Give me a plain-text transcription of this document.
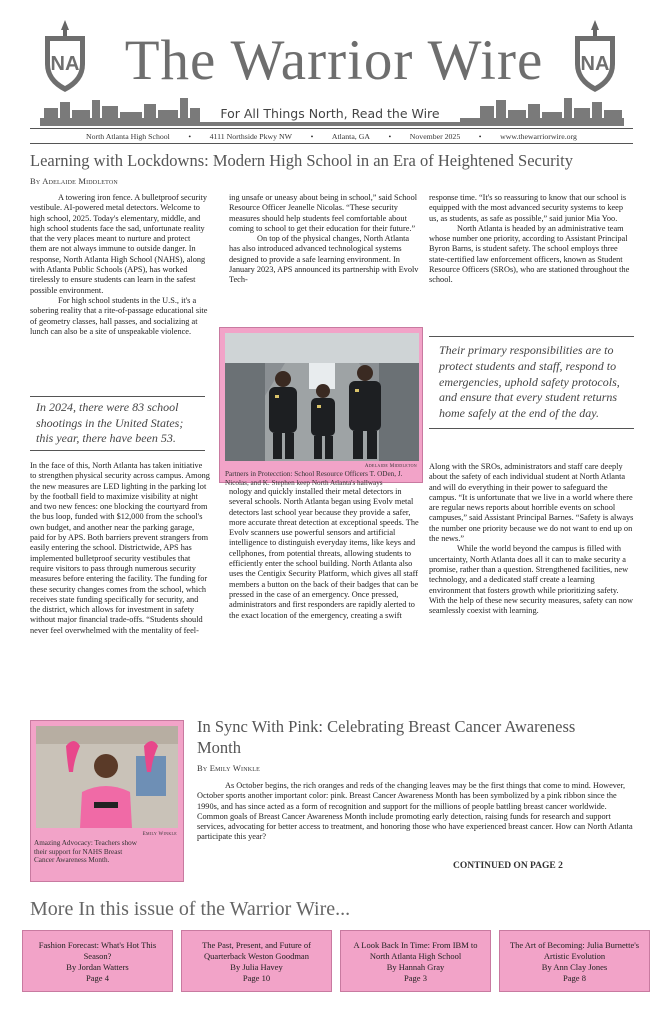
NA	NA
The Warrior Wire
For All Things North, Read the Wire
North Atlanta High School • 4111 Northside Pkwy NW • Atlanta, GA • November 2025 • www.thewarriorwire.org
Learning with Lockdowns: Modern High School in an Era of Heightened Security
By Adelaide Middleton

A towering iron fence. A bulletproof security vestibule. AI-powered metal detectors. Welcome to high school, 2025. Today's elementary, middle, and high school students face the sad, unfortunate reality that the very places meant to nurture and protect them are not always immune to outside danger. In response, North Atlanta High School (NAHS), along with Atlanta Public Schools (APS), has worked tirelessly to ensure students can learn in the safest possible environment.

For high school students in the U.S., it's a sobering reality that a rite-of-passage educational site of geometry classes, hall passes, and socializing at lunch can also be a site of unspeakable violence.

In 2024, there were 83 school shootings in the United States; this year, there have been 53.

In the face of this, North Atlanta has taken initiative to strengthen physical security across campus. Among the new measures are LED lighting in the parking lot by the football field to maximize visibility at night and two new fences: one blocking the courtyard from the bus loop, funded with $12,000 from the school's own budget, and another near the parking garage, paid for by APS. Both barriers prevent strangers from easily entering the school. Districtwide, APS has implemented bulletproof security vestibules that require visitors to pass through numerous security measures before entering the facility. The funding for these security changes comes from the school, which receives state funding specifically for security, and the district, which allows for investment in safety without major financial trade-offs. “Students should never feel overwhelmed with the mentality of feel-

ing unsafe or uneasy about being in school,” said School Resource Officer Jeanelle Nicolas. “These security measures should help students feel comfortable about coming to school to get their education for their future.”

On top of the physical changes, North Atlanta has also introduced advanced technological systems designed to provide a safe learning environment. In January 2023, APS announced its partnership with Evolv Tech-

Adelaide Middleton
Partners in Protecction: School Resource Officers T. ODen, J. Nicolas, and K. Stephen keep North Atlanta's hallways

nology and quickly installed their metal detectors in several schools. North Atlanta began using Evolv metal detectors last school year because they provide a safer, more accurate threat detection at exceptional speeds. The Evolv scanners use powerful sensors and artificial intelligence to distinguish everyday items, like keys and cellphones, from potential threats, allowing students to efficiently enter the school building. North Atlanta also uses the Centigix Security Platform, which gives all staff members a button on the back of their badges that can be pressed in the case of an emergency. Once pressed, administrators and first responders are rapidly alerted to the exact location of the emergency, creating a swift

response time. “It's so reassuring to know that our school is equipped with the most advanced security systems to keep us, as students, as safe as possible,” said junior Mia Yoo.

North Atlanta is headed by an administrative team whose number one priority, according to Assistant Principal Byron Barns, is student safety. The school employs three state-certified law enforcement officers, known as Student Resource Officers (SROs), who are stationed throughout the school.

Their primary responsibilities are to protect students and staff, respond to emergencies, uphold safety protocols, and ensure that every student returns home safely at the end of the day.

Along with the SROs, administrators and staff care deeply about the safety of each individual student at North Atlanta and will do everything in their power to safeguard the campus. “It is unfortunate that we live in a world where there are regular news reports about horrible events on school campuses,” said Assistant Principal Barnes. “Safety is always the number one priority because we do not want to end up on the news.”

While the world beyond the campus is filled with uncertainty, North Atlanta does all it can to make security a promise, rather than a question. Strengthened facilities, new technology, and a dedicated staff create a learning environment that fosters growth while prioritizing safety. With the help of these new security measures, safety can now seamlessly coexist with learning.

Emily Winkle
Amazing Advocacy: Teachers show their support for NAHS Breast Cancer Awareness Month.
In Sync With Pink: Celebrating Breast Cancer Awareness Month
By Emily Winkle

As October begins, the rich oranges and reds of the changing leaves may be the first things that come to mind. However, October sports another important color: pink. Breast Cancer Awareness Month has been symbolized by a pink ribbon since the 1990s, and has since acted as a form of recognition and support for the millions of people battling breast cancer worldwide. Common goals of Breast Cancer Awareness Month include promoting early detection, raising funds for research and support services, advocating for better access to treatment, and honoring those who have experienced breast cancer. How can North Atlanta participate this year?

CONTINUED ON PAGE 2
More In this issue of the Warrior Wire...
Fashion Forecast: What's Hot This Season?
By Jordan Watters
Page 4
The Past, Present, and Future of Quarterback Weston Goodman
By Julia Havey
Page 10
A Look Back In Time: From IBM to North Atlanta High School
By Hannah Gray
Page 3
The Art of Becoming: Julia Burnette's Artistic Evolution
By Ann Clay Jones
Page 8
